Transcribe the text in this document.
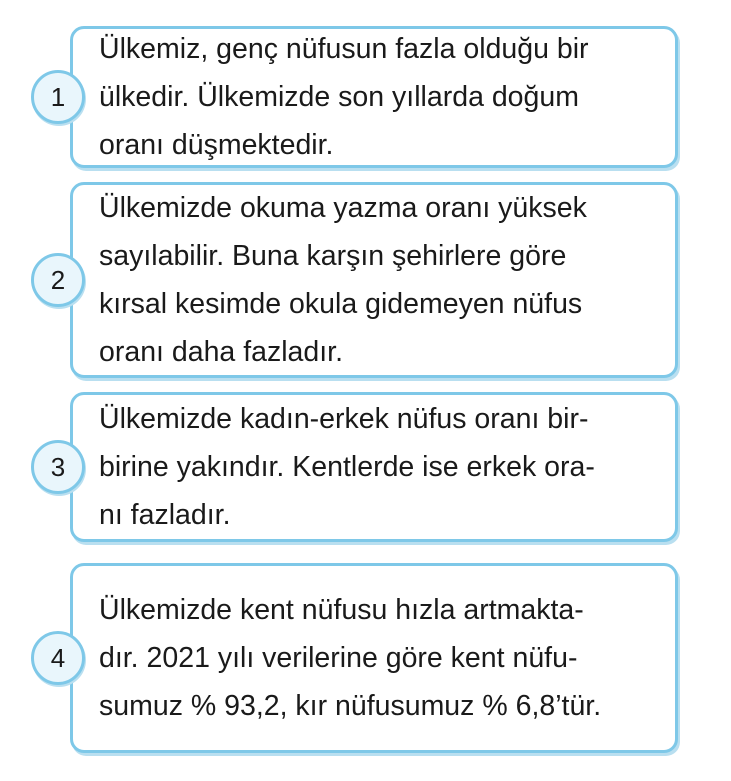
Ülkemiz, genç nüfusun fazla olduğu bir
ülkedir. Ülkemizde son yıllarda doğum
oranı düşmektedir.

1

Ülkemizde okuma yazma oranı yüksek
sayılabilir. Buna karşın şehirlere göre
kırsal kesimde okula gidemeyen nüfus
oranı daha fazladır.

2

Ülkemizde kadın-erkek nüfus oranı bir-
birine yakındır. Kentlerde ise erkek ora-
nı fazladır.

3

Ülkemizde kent nüfusu hızla artmakta-
dır. 2021 yılı verilerine göre kent nüfu-
sumuz % 93,2, kır nüfusumuz % 6,8’tür.

4
